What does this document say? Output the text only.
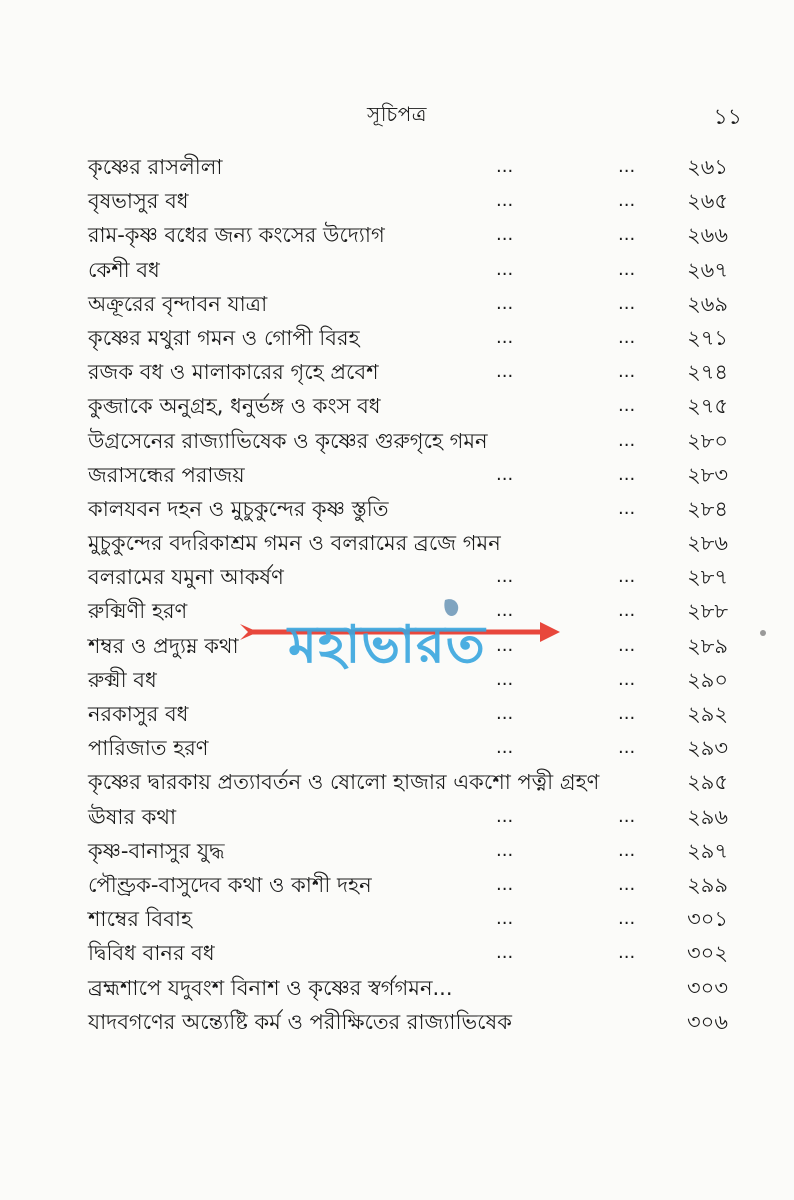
সূচিপত্র	১১
কৃষ্ণের রাসলীলা	...	...	২৬১
বৃষভাসুর বধ	...	...	২৬৫
রাম-কৃষ্ণ বধের জন্য কংসের উদ্যোগ	...	...	২৬৬
কেশী বধ	...	...	২৬৭
অক্রূরের বৃন্দাবন যাত্রা	...	...	২৬৯
কৃষ্ণের মথুরা গমন ও গোপী বিরহ	...	...	২৭১
রজক বধ ও মালাকারের গৃহে প্রবেশ	...	...	২৭৪
কুব্জাকে অনুগ্রহ, ধনুর্ভঙ্গ ও কংস বধ	...	২৭৫
উগ্রসেনের রাজ্যাভিষেক ও কৃষ্ণের গুরুগৃহে গমন	...	২৮০
জরাসন্ধের পরাজয়	...	...	২৮৩
কালযবন দহন ও মুচুকুন্দের কৃষ্ণ স্তুতি	...	২৮৪
মুচুকুন্দের বদরিকাশ্রম গমন ও বলরামের ব্রজে গমন	২৮৬
বলরামের যমুনা আকর্ষণ	...	...	২৮৭
রুক্মিণী হরণ	...	...	২৮৮
শম্বর ও প্রদ্যুম্ন কথা	...	...	২৮৯
রুক্মী বধ	...	...	২৯০
নরকাসুর বধ	...	...	২৯২
পারিজাত হরণ	...	...	২৯৩
কৃষ্ণের দ্বারকায় প্রত্যাবর্তন ও ষোলো হাজার একশো পত্নী গ্রহণ	২৯৫
ঊষার কথা	...	...	২৯৬
কৃষ্ণ-বানাসুর যুদ্ধ	...	...	২৯৭
পৌণ্ড্রক-বাসুদেব কথা ও কাশী দহন	...	...	২৯৯
শাম্বের বিবাহ	...	...	৩০১
দ্বিবিধ বানর বধ	...	...	৩০২
ব্রহ্মশাপে যদুবংশ বিনাশ ও কৃষ্ণের স্বর্গগমন...	৩০৩
যাদবগণের অন্ত্যেষ্টি কর্ম ও পরীক্ষিতের রাজ্যাভিষেক	৩০৬
মহাভারত
